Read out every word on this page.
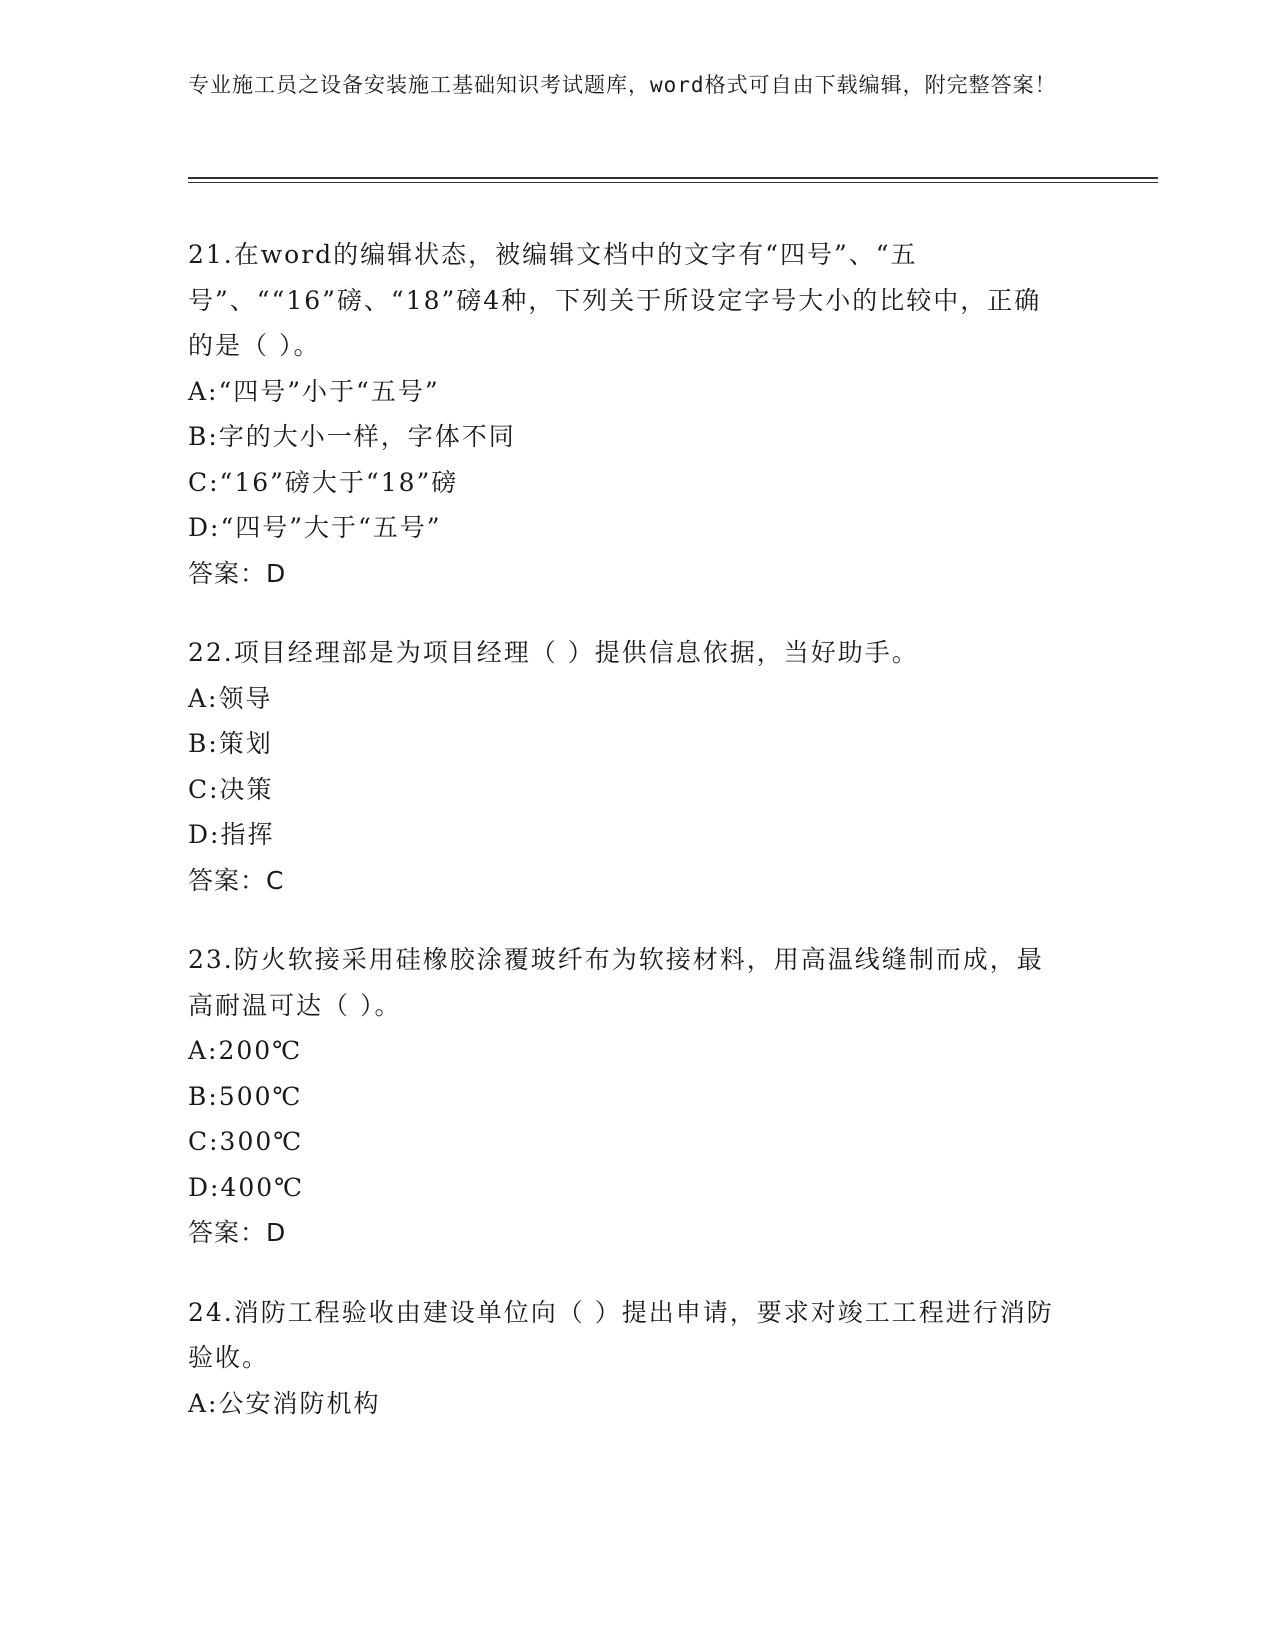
专业施工员之设备安装施工基础知识考试题库，word格式可自由下载编辑，附完整答案！
21.在word的编辑状态，被编辑文档中的文字有“四号”、“五号”、““16”磅、“18”磅4种，下列关于所设定字号大小的比较中，正确的是（ ）。
A:“四号”小于“五号”
B:字的大小一样，字体不同
C:“16”磅大于“18”磅
D:“四号”大于“五号”
答案：D
22.项目经理部是为项目经理（ ）提供信息依据，当好助手。
A:领导
B:策划
C:决策
D:指挥
答案：C
23.防火软接采用硅橡胶涂覆玻纤布为软接材料，用高温线缝制而成，最高耐温可达（ ）。
A:200℃
B:500℃
C:300℃
D:400℃
答案：D
24.消防工程验收由建设单位向（ ）提出申请，要求对竣工工程进行消防验收。
A:公安消防机构
